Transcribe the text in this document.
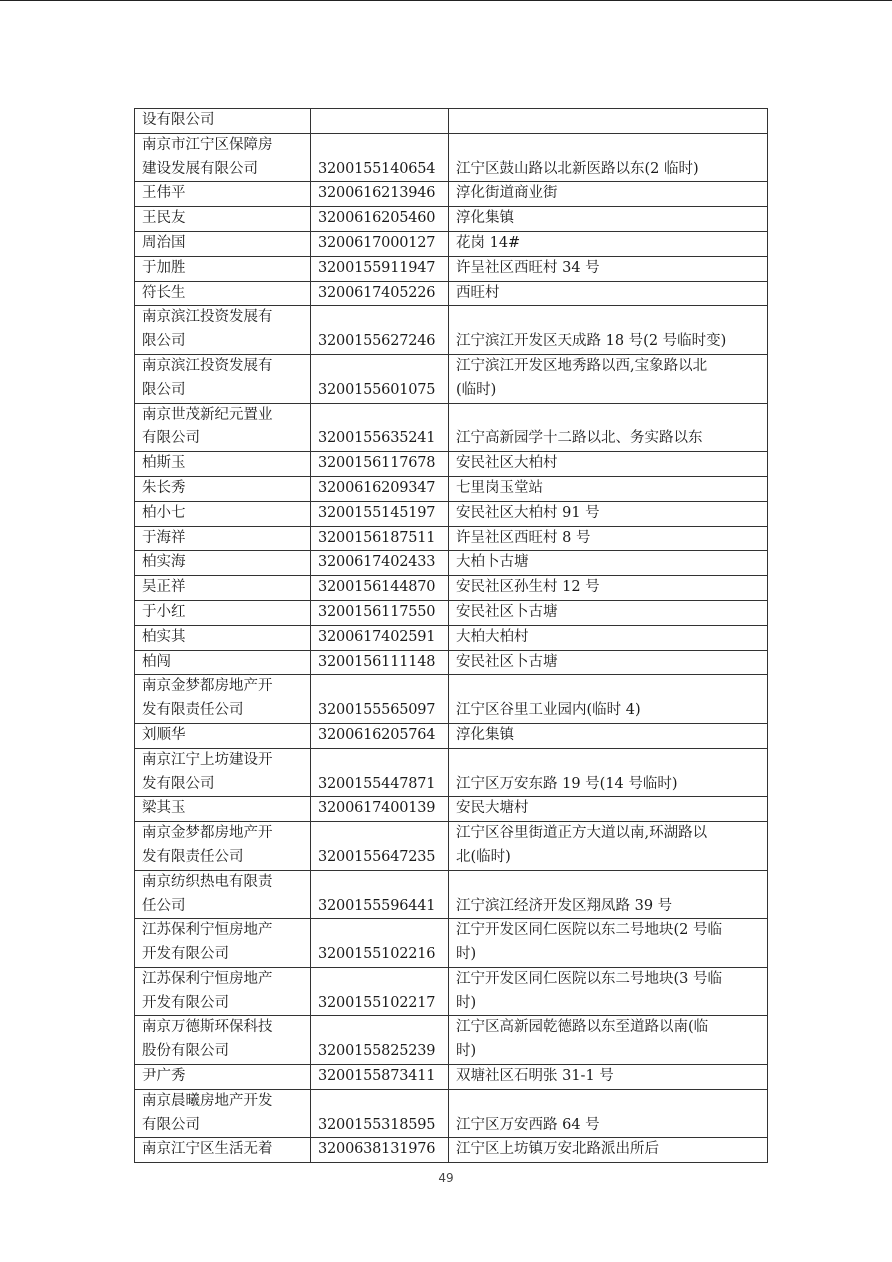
设有限公司		
南京市江宁区保障房
建设发展有限公司	3200155140654	江宁区鼓山路以北新医路以东(2 临时)
王伟平	3200616213946	淳化街道商业街
王民友	3200616205460	淳化集镇
周治国	3200617000127	花岗 14#
于加胜	3200155911947	许呈社区西旺村 34 号
符长生	3200617405226	西旺村
南京滨江投资发展有
限公司	3200155627246	江宁滨江开发区天成路 18 号(2 号临时变)
南京滨江投资发展有
限公司	3200155601075	江宁滨江开发区地秀路以西,宝象路以北
(临时)
南京世茂新纪元置业
有限公司	3200155635241	江宁高新园学十二路以北、务实路以东
柏斯玉	3200156117678	安民社区大柏村
朱长秀	3200616209347	七里岗玉堂站
柏小七	3200155145197	安民社区大柏村 91 号
于海祥	3200156187511	许呈社区西旺村 8 号
柏实海	3200617402433	大柏卜古塘
吴正祥	3200156144870	安民社区孙生村 12 号
于小红	3200156117550	安民社区卜古塘
柏实其	3200617402591	大柏大柏村
柏闯	3200156111148	安民社区卜古塘
南京金梦都房地产开
发有限责任公司	3200155565097	江宁区谷里工业园内(临时 4)
刘顺华	3200616205764	淳化集镇
南京江宁上坊建设开
发有限公司	3200155447871	江宁区万安东路 19 号(14 号临时)
梁其玉	3200617400139	安民大塘村
南京金梦都房地产开
发有限责任公司	3200155647235	江宁区谷里街道正方大道以南,环湖路以
北(临时)
南京纺织热电有限责
任公司	3200155596441	江宁滨江经济开发区翔凤路 39 号
江苏保利宁恒房地产
开发有限公司	3200155102216	江宁开发区同仁医院以东二号地块(2 号临
时)
江苏保利宁恒房地产
开发有限公司	3200155102217	江宁开发区同仁医院以东二号地块(3 号临
时)
南京万德斯环保科技
股份有限公司	3200155825239	江宁区高新园乾德路以东至道路以南(临
时)
尹广秀	3200155873411	双塘社区石明张 31-1 号
南京晨曦房地产开发
有限公司	3200155318595	江宁区万安西路 64 号
南京江宁区生活无着	3200638131976	江宁区上坊镇万安北路派出所后
49
